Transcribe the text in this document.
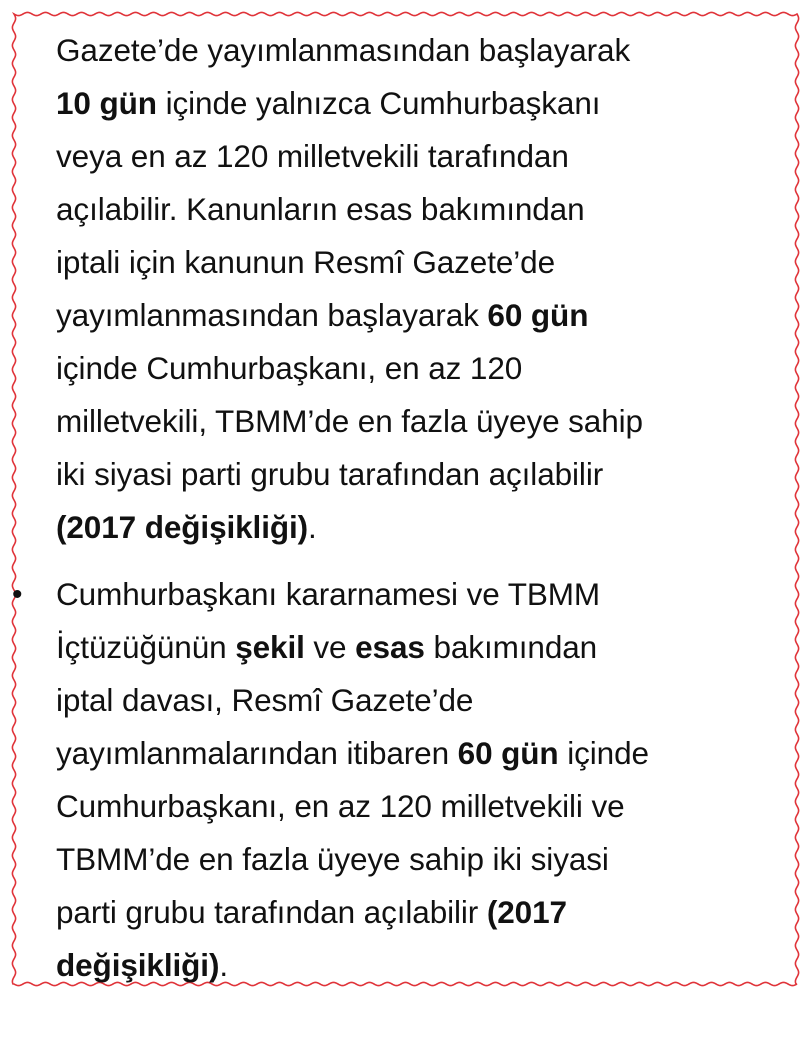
Gazete’de yayımlanmasından başlayarak
10 gün içinde yalnızca Cumhurbaşkanı
veya en az 120 milletvekili tarafından
açılabilir. Kanunların esas bakımından
iptali için kanunun Resmî Gazete’de
yayımlanmasından başlayarak 60 gün
içinde Cumhurbaşkanı, en az 120
milletvekili, TBMM’de en fazla üyeye sahip
iki siyasi parti grubu tarafından açılabilir
(2017 değişikliği).
• Cumhurbaşkanı kararnamesi ve TBMM
İçtüzüğünün şekil ve esas bakımından
iptal davası, Resmî Gazete’de
yayımlanmalarından itibaren 60 gün içinde
Cumhurbaşkanı, en az 120 milletvekili ve
TBMM’de en fazla üyeye sahip iki siyasi
parti grubu tarafından açılabilir (2017
değişikliği).
